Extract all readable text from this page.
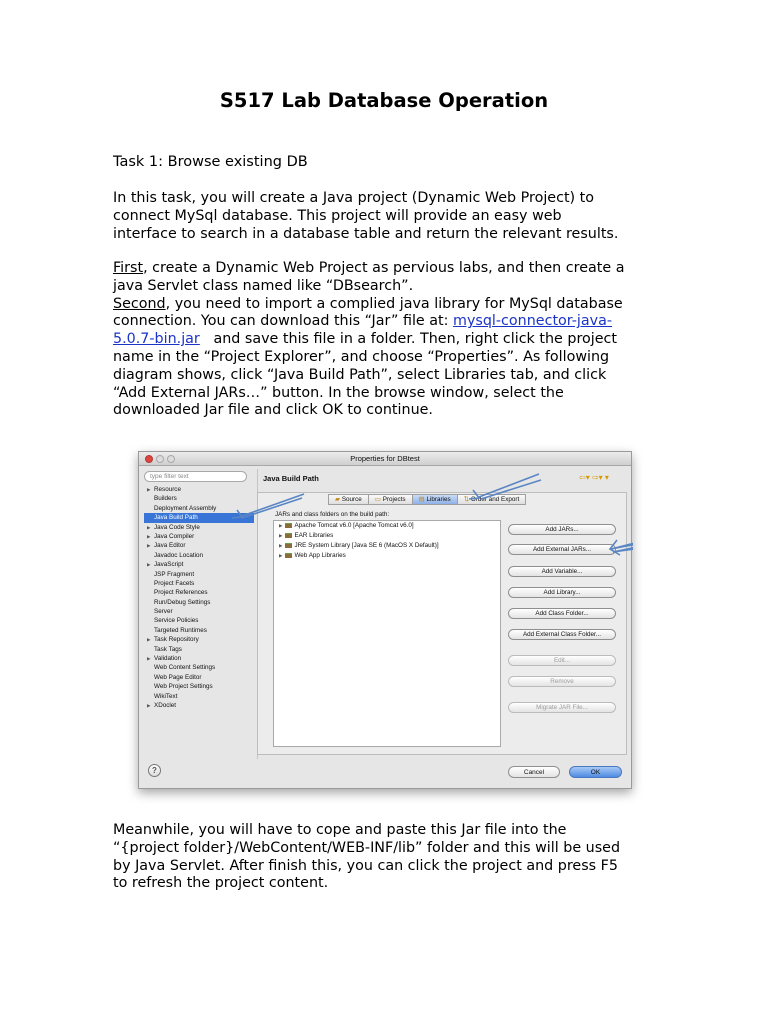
S517 Lab Database Operation
Task 1: Browse existing DB
In this task, you will create a Java project (Dynamic Web Project) to
connect MySql database. This project will provide an easy web
interface to search in a database table and return the relevant results.
First, create a Dynamic Web Project as pervious labs, and then create a
java Servlet class named like “DBsearch”.
Second, you need to import a complied java library for MySql database
connection. You can download this “Jar” file at: mysql-connector-java-
5.0.7-bin.jar   and save this file in a folder. Then, right click the project
name in the “Project Explorer”, and choose “Properties”. As following
diagram shows, click “Java Build Path”, select Libraries tab, and click
“Add External JARs…” button. In the browse window, select the
downloaded Jar file and click OK to continue.
Properties for DBtest
type filter text
▶ Resource
Builders
Deployment Assembly
Java Build Path
▶ Java Code Style
▶ Java Compiler
▶ Java Editor
Javadoc Location
▶ JavaScript
JSP Fragment
Project Facets
Project References
Run/Debug Settings
Server
Service Policies
Targeted Runtimes
▶ Task Repository
Task Tags
▶ Validation
Web Content Settings
Web Page Editor
Web Project Settings
WikiText
▶ XDoclet
Java Build Path	⇦▾ ⇨▾ ▾
▰ Source	▭ Projects	▤ Libraries	⇅ Order and Export
JARs and class folders on the build path:
▶ Apache Tomcat v6.0 [Apache Tomcat v6.0]
▶ EAR Libraries
▶ JRE System Library [Java SE 6 (MacOS X Default)]
▶ Web App Libraries
Add JARs...
Add External JARs...
Add Variable...
Add Library...
Add Class Folder...
Add External Class Folder...
Edit...
Remove
Migrate JAR File...
?	Cancel	OK
Meanwhile, you will have to cope and paste this Jar file into the
“{project folder}/WebContent/WEB-INF/lib” folder and this will be used
by Java Servlet. After finish this, you can click the project and press F5
to refresh the project content.
